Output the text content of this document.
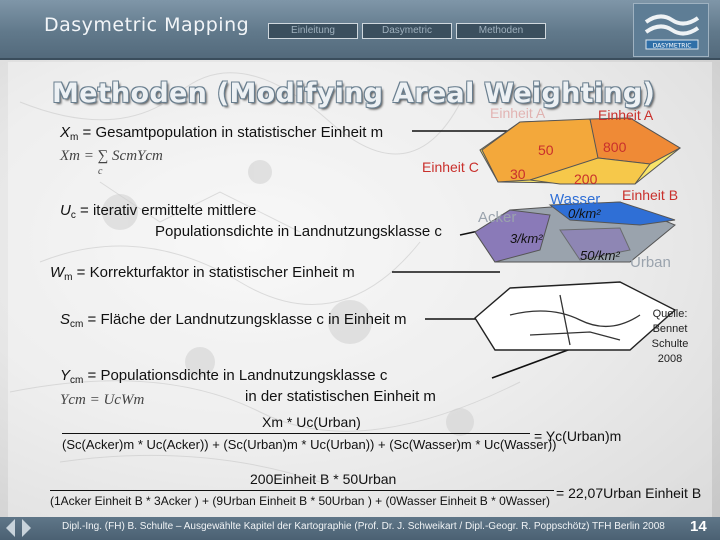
Dasymetric Mapping	Einleitung	Dasymetric	Methoden
DASYMETRIC
Methoden (Modifying Areal Weighting)
$X_m$ = Gesamtpopulation in statistischer Einheit m
Xm = ∑ ScmYcm
c
$U_c$ = iterativ ermittelte mittlere
Populationsdichte in Landnutzungsklasse c
$W_m$ = Korrekturfaktor in statistischer Einheit m
$S_{cm}$ = Fläche der Landnutzungsklasse c in Einheit m
$Y_{cm}$ = Populationsdichte in Landnutzungsklasse c
in der statistischen Einheit m
Ycm = UcWm
Einheit A	Einheit A
50	800
Einheit C 30	200
Einheit B
Wasser
0/km²
Acker
3/km²
50/km² Urban
Quelle:
Bennet
Schulte
2008
Xm * Uc(Urban)
(Sc(Acker)m * Uc(Acker)) + (Sc(Urban)m * Uc(Urban)) + (Sc(Wasser)m * Uc(Wasser))
= Yc(Urban)m
200Einheit B * 50Urban
(1Acker Einheit B * 3Acker ) + (9Urban Einheit B * 50Urban ) + (0Wasser Einheit B * 0Wasser) = 22,07Urban Einheit B
Dipl.-Ing. (FH) B. Schulte – Ausgewählte Kapitel der Kartographie (Prof. Dr. J. Schweikart / Dipl.-Geogr. R. Poppschötz) TFH Berlin 2008 14
